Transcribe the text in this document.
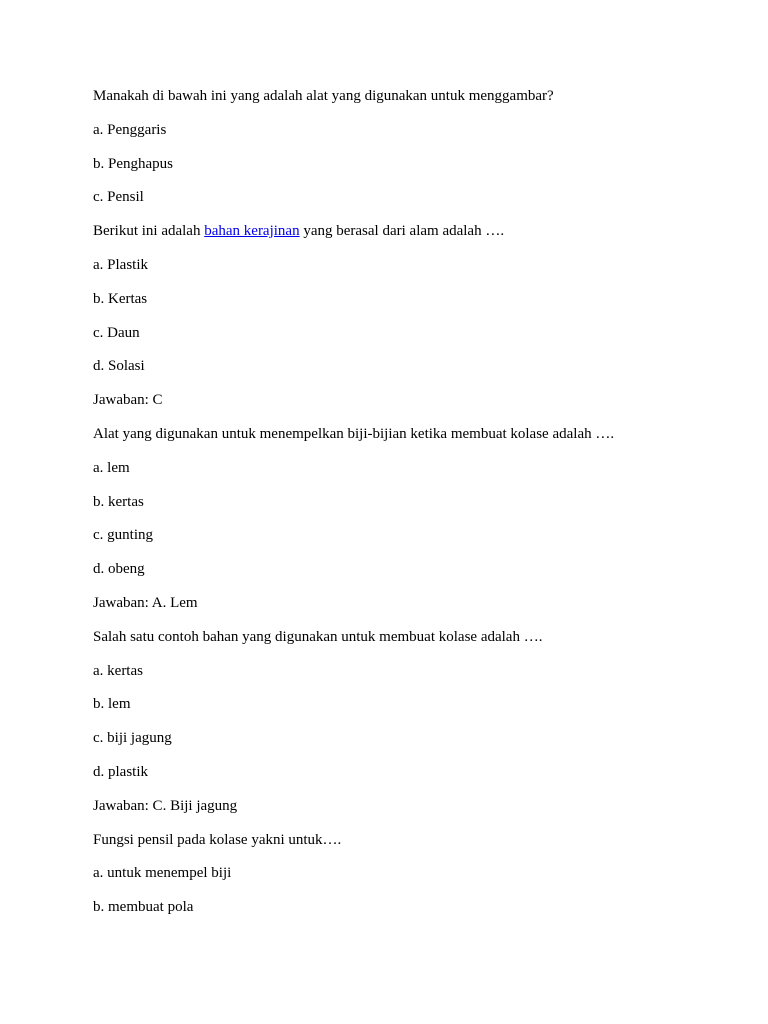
Manakah di bawah ini yang adalah alat yang digunakan untuk menggambar?
a. Penggaris
b. Penghapus
c. Pensil
Berikut ini adalah bahan kerajinan yang berasal dari alam adalah ….
a. Plastik
b. Kertas
c. Daun
d. Solasi
Jawaban: C
Alat yang digunakan untuk menempelkan biji-bijian ketika membuat kolase adalah ….
a. lem
b. kertas
c. gunting
d. obeng
Jawaban: A. Lem
Salah satu contoh bahan yang digunakan untuk membuat kolase adalah ….
a. kertas
b. lem
c. biji jagung
d. plastik
Jawaban: C. Biji jagung
Fungsi pensil pada kolase yakni untuk….
a. untuk menempel biji
b. membuat pola
